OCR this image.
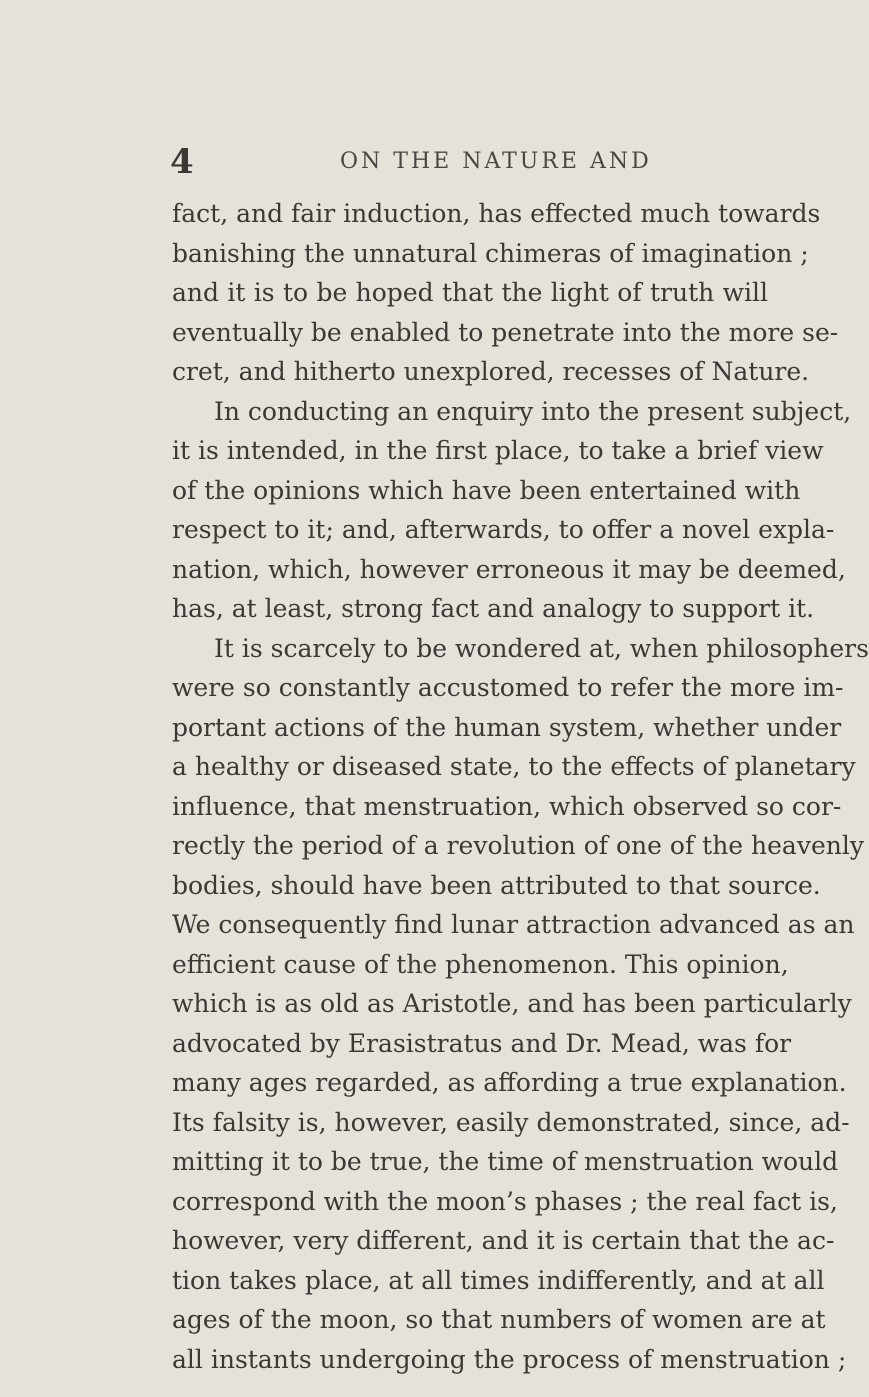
4	ON THE NATURE AND
fact, and fair induction, has effected much towards
banishing the unnatural chimeras of imagination ;
and it is to be hoped that the light of truth will
eventually be enabled to penetrate into the more se-
cret, and hitherto unexplored, recesses of Nature.
In conducting an enquiry into the present subject,
it is intended, in the first place, to take a brief view
of the opinions which have been entertained with
respect to it; and, afterwards, to offer a novel expla-
nation, which, however erroneous it may be deemed,
has, at least, strong fact and analogy to support it.
It is scarcely to be wondered at, when philosophers
were so constantly accustomed to refer the more im-
portant actions of the human system, whether under
a healthy or diseased state, to the effects of planetary
influence, that menstruation, which observed so cor-
rectly the period of a revolution of one of the heavenly
bodies, should have been attributed to that source.
We consequently find lunar attraction advanced as an
efficient cause of the phenomenon. This opinion,
which is as old as Aristotle, and has been particularly
advocated by Erasistratus and Dr. Mead, was for
many ages regarded, as affording a true explanation.
Its falsity is, however, easily demonstrated, since, ad-
mitting it to be true, the time of menstruation would
correspond with the moon’s phases ; the real fact is,
however, very different, and it is certain that the ac-
tion takes place, at all times indifferently, and at all
ages of the moon, so that numbers of women are at
all instants undergoing the process of menstruation ;
